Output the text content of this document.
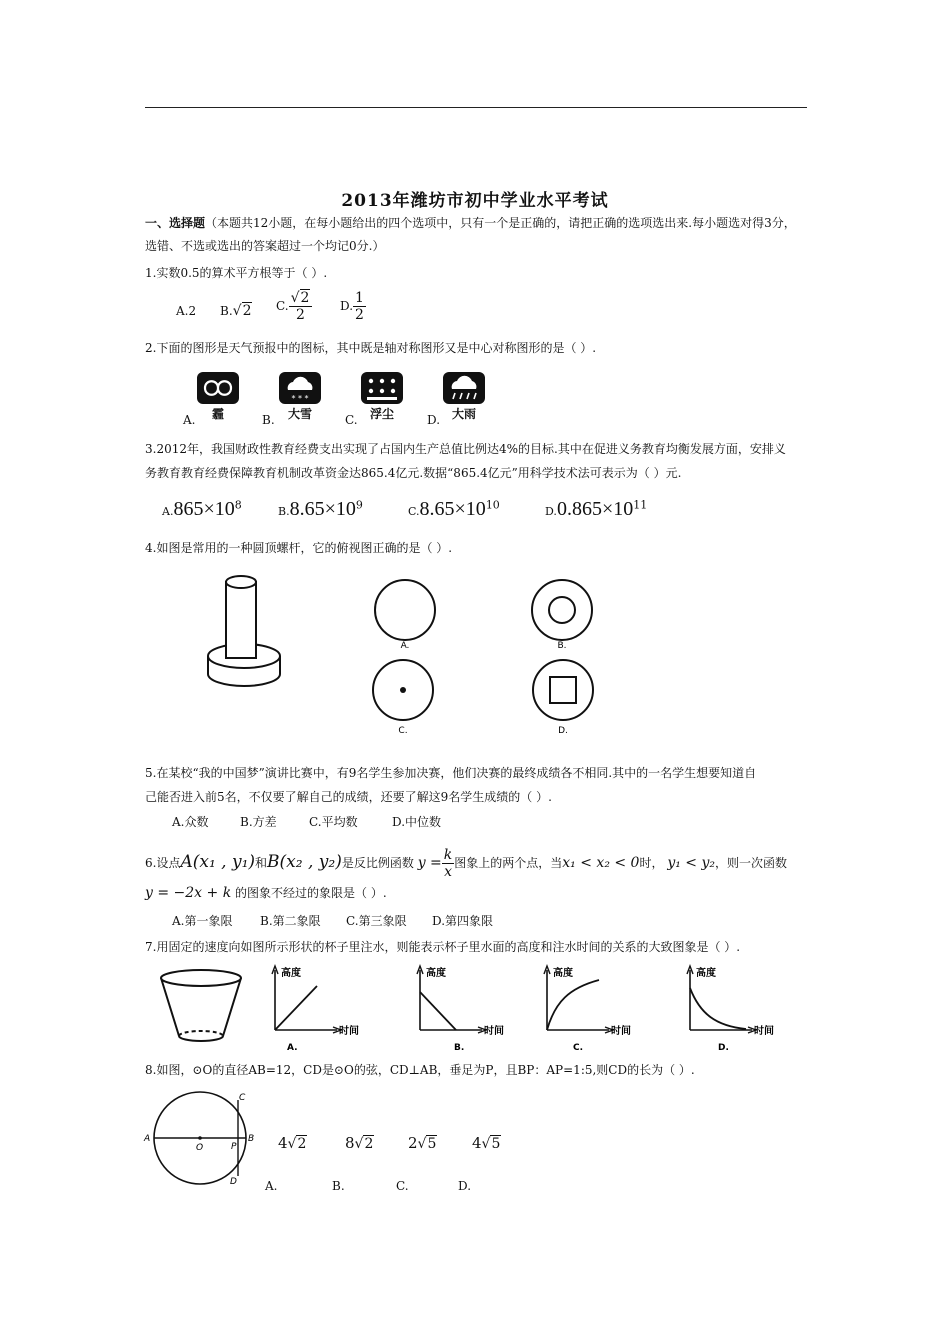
2013年潍坊市初中学业水平考试
一、选择题（本题共12小题，在每小题给出的四个选项中，只有一个是正确的，请把正确的选项选出来.每小题选对得3分，
选错、不选或选出的答案超过一个均记0分.）
1.实数0.5的算术平方根等于（ ）.
A.2 B.√2 C. $\frac{√2}{2} D$. $\frac{1}{2}$
2.下面的图形是天气预报中的图标，其中既是轴对称图形又是中心对称图形的是（ ）.
霾
* * *
大雪	浮尘	大雨
A.	B.	C.	D.
3.2012年，我国财政性教育经费支出实现了占国内生产总值比例达4%的目标.其中在促进义务教育均衡发展方面，安排义
务教育教育经费保障教育机制改革资金达865.4亿元.数据“865.4亿元”用科学技术法可表示为（ ）元.
$A.865\times 10^8$	$B.8.65\times 10^9$	$C.8.65\times 10^{10}$	$D.0.865\times 10^{11}$
4.如图是常用的一种圆顶螺杆，它的俯视图正确的是（ ）.
A.	B.
C.	D.
5.在某校“我的中国梦”演讲比赛中，有9名学生参加决赛，他们决赛的最终成绩各不相同.其中的一名学生想要知道自
己能否进入前5名，不仅要了解自己的成绩，还要了解这9名学生成绩的（ ）.
A.众数	B.方差	C.平均数	D.中位数
6.设点A(x₁ , y₁)和B(x₂ , y₂)是反比例函数 $y = \frac{k}{x}$ 图象上的两个点，当x₁ < x₂ < 0时， y₁ < y₂，则一次函数
y = −2x + k 的图象不经过的象限是（ ）.
A.第一象限 B.第二象限 C.第三象限 D.第四象限
7.用固定的速度向如图所示形状的杯子里注水，则能表示杯子里水面的高度和注水时间的关系的大致图象是（ ）.
高度
时间
A.
高度
时间
B.
高度
时间
C.
高度
时间
D.
8.如图，⊙O的直径AB=12，CD是⊙O的弦，CD⊥AB，垂足为P，且BP：AP=1:5,则CD的长为（ ）.
A
O	P
B
C
D
4√2	8√2 2√5 4√5
A.	B.	C.	D.
